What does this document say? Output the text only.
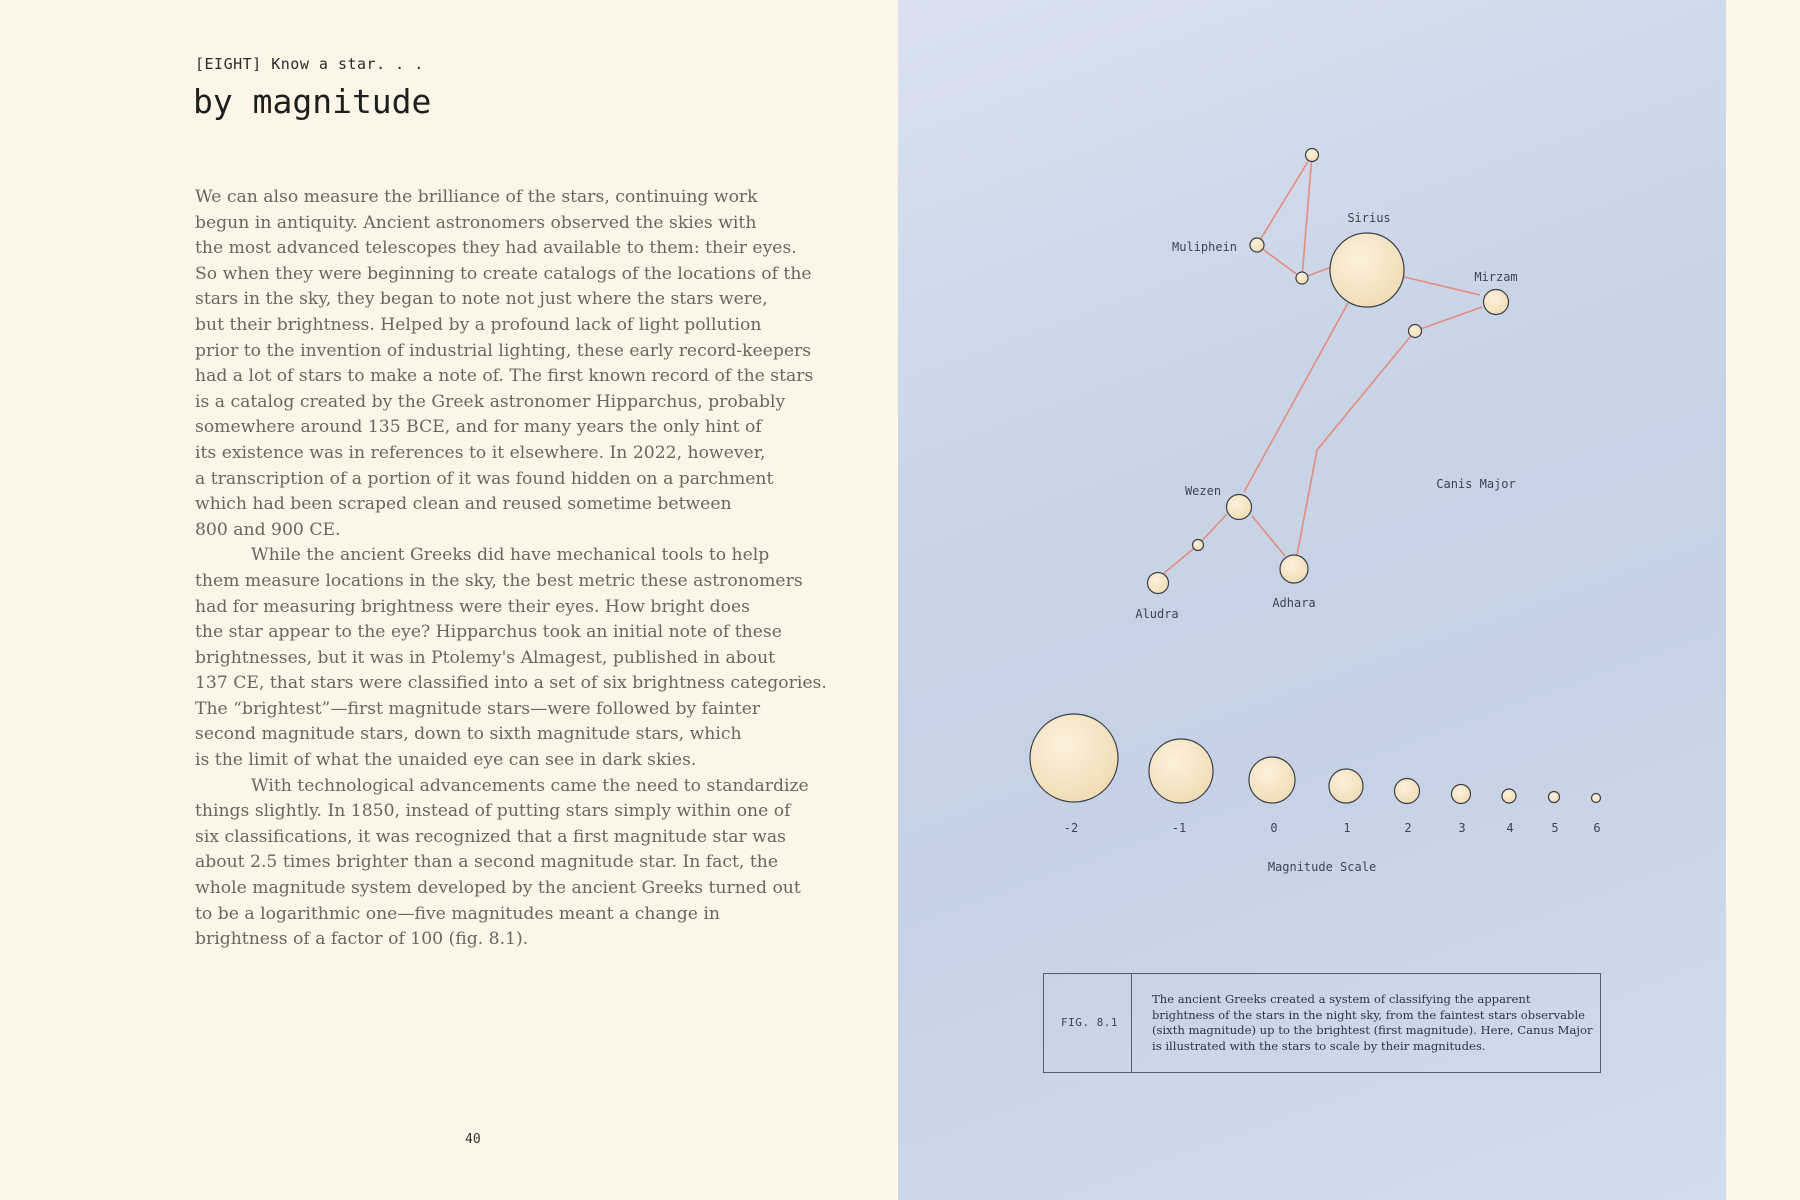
[EIGHT] Know a star. . .
by magnitude

We can also measure the brilliance of the stars, continuing work
begun in antiquity. Ancient astronomers observed the skies with
the most advanced telescopes they had available to them: their eyes.
So when they were beginning to create catalogs of the locations of the
stars in the sky, they began to note not just where the stars were,
but their brightness. Helped by a profound lack of light pollution
prior to the invention of industrial lighting, these early record-keepers
had a lot of stars to make a note of. The first known record of the stars
is a catalog created by the Greek astronomer Hipparchus, probably
somewhere around 135 BCE, and for many years the only hint of
its existence was in references to it elsewhere. In 2022, however,
a transcription of a portion of it was found hidden on a parchment
which had been scraped clean and reused sometime between
800 and 900 CE.

While the ancient Greeks did have mechanical tools to help
them measure locations in the sky, the best metric these astronomers
had for measuring brightness were their eyes. How bright does
the star appear to the eye? Hipparchus took an initial note of these
brightnesses, but it was in Ptolemy's Almagest, published in about
137 CE, that stars were classified into a set of six brightness categories.
The “brightest”—first magnitude stars—were followed by fainter
second magnitude stars, down to sixth magnitude stars, which
is the limit of what the unaided eye can see in dark skies.

With technological advancements came the need to standardize
things slightly. In 1850, instead of putting stars simply within one of
six classifications, it was recognized that a first magnitude star was
about 2.5 times brighter than a second magnitude star. In fact, the
whole magnitude system developed by the ancient Greeks turned out
to be a logarithmic one—five magnitudes meant a change in
brightness of a factor of 100 (fig. 8.1).

40
Sirius
Muliphein
Mirzam
Wezen
Aludra
Adhara
Canis Major
-2	-1	0	1	2	3	4	5	6
Magnitude Scale
FIG. 8.1
The ancient Greeks created a system of classifying the apparent
brightness of the stars in the night sky, from the faintest stars observable
(sixth magnitude) up to the brightest (first magnitude). Here, Canus Major
is illustrated with the stars to scale by their magnitudes.
